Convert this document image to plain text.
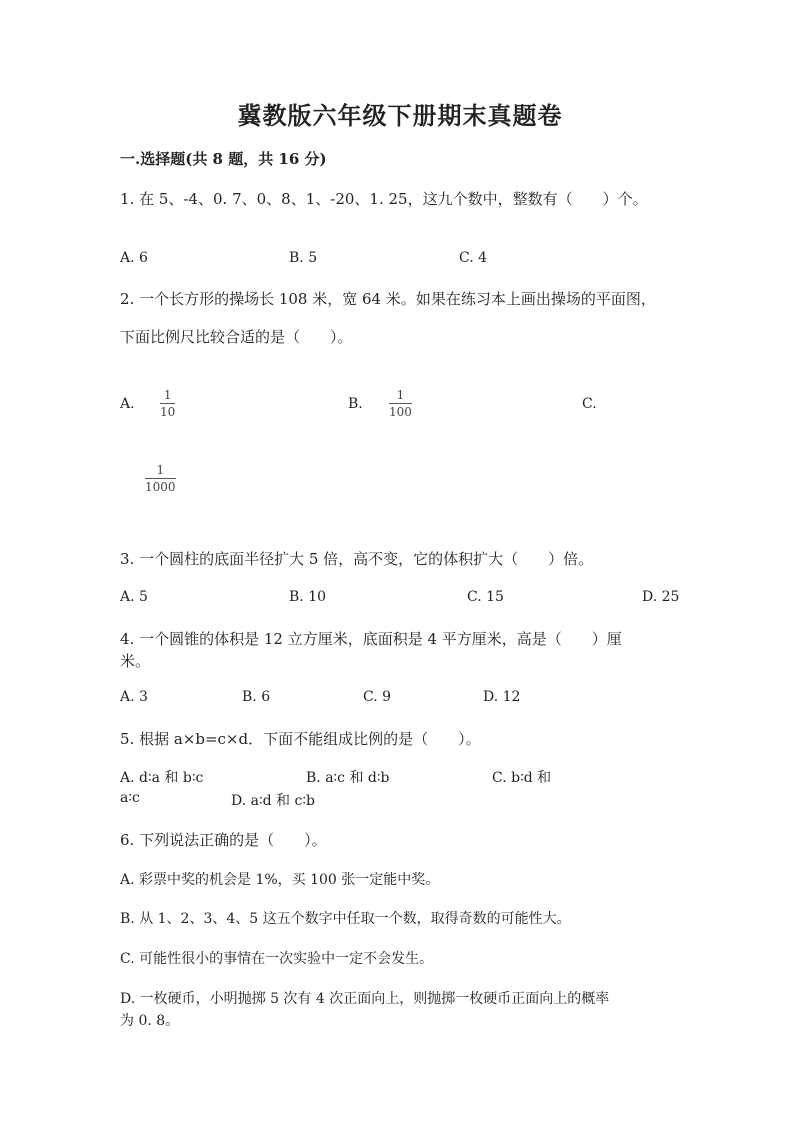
冀教版六年级下册期末真题卷
一.选择题(共 8 题，共 16 分)
1. 在 5、-4、0. 7、0、8、1、-20、1. 25，这九个数中，整数有（　　）个。
A. 6	B. 5	C. 4
2. 一个长方形的操场长 108 米，宽 64 米。如果在练习本上画出操场的平面图，
下面比例尺比较合适的是（　　）。
A.
1
10	B.
1
100	C.
1
1000
3. 一个圆柱的底面半径扩大 5 倍，高不变，它的体积扩大（　　）倍。
A. 5	B. 10	C. 15	D. 25
4. 一个圆锥的体积是 12 立方厘米，底面积是 4 平方厘米，高是（　　）厘
米。
A. 3	B. 6	C. 9	D. 12
5. 根据 a×b=c×d．下面不能组成比例的是（　　）。
A. d∶a 和 b∶c	B. a∶c 和 d∶b	C. b∶d 和
a∶c	D. a∶d 和 c∶b
6. 下列说法正确的是（　　）。
A. 彩票中奖的机会是 1%，买 100 张一定能中奖。
B. 从 1、2、3、4、5 这五个数字中任取一个数，取得奇数的可能性大。
C. 可能性很小的事情在一次实验中一定不会发生。
D. 一枚硬币，小明抛掷 5 次有 4 次正面向上，则抛掷一枚硬币正面向上的概率
为 0. 8。
